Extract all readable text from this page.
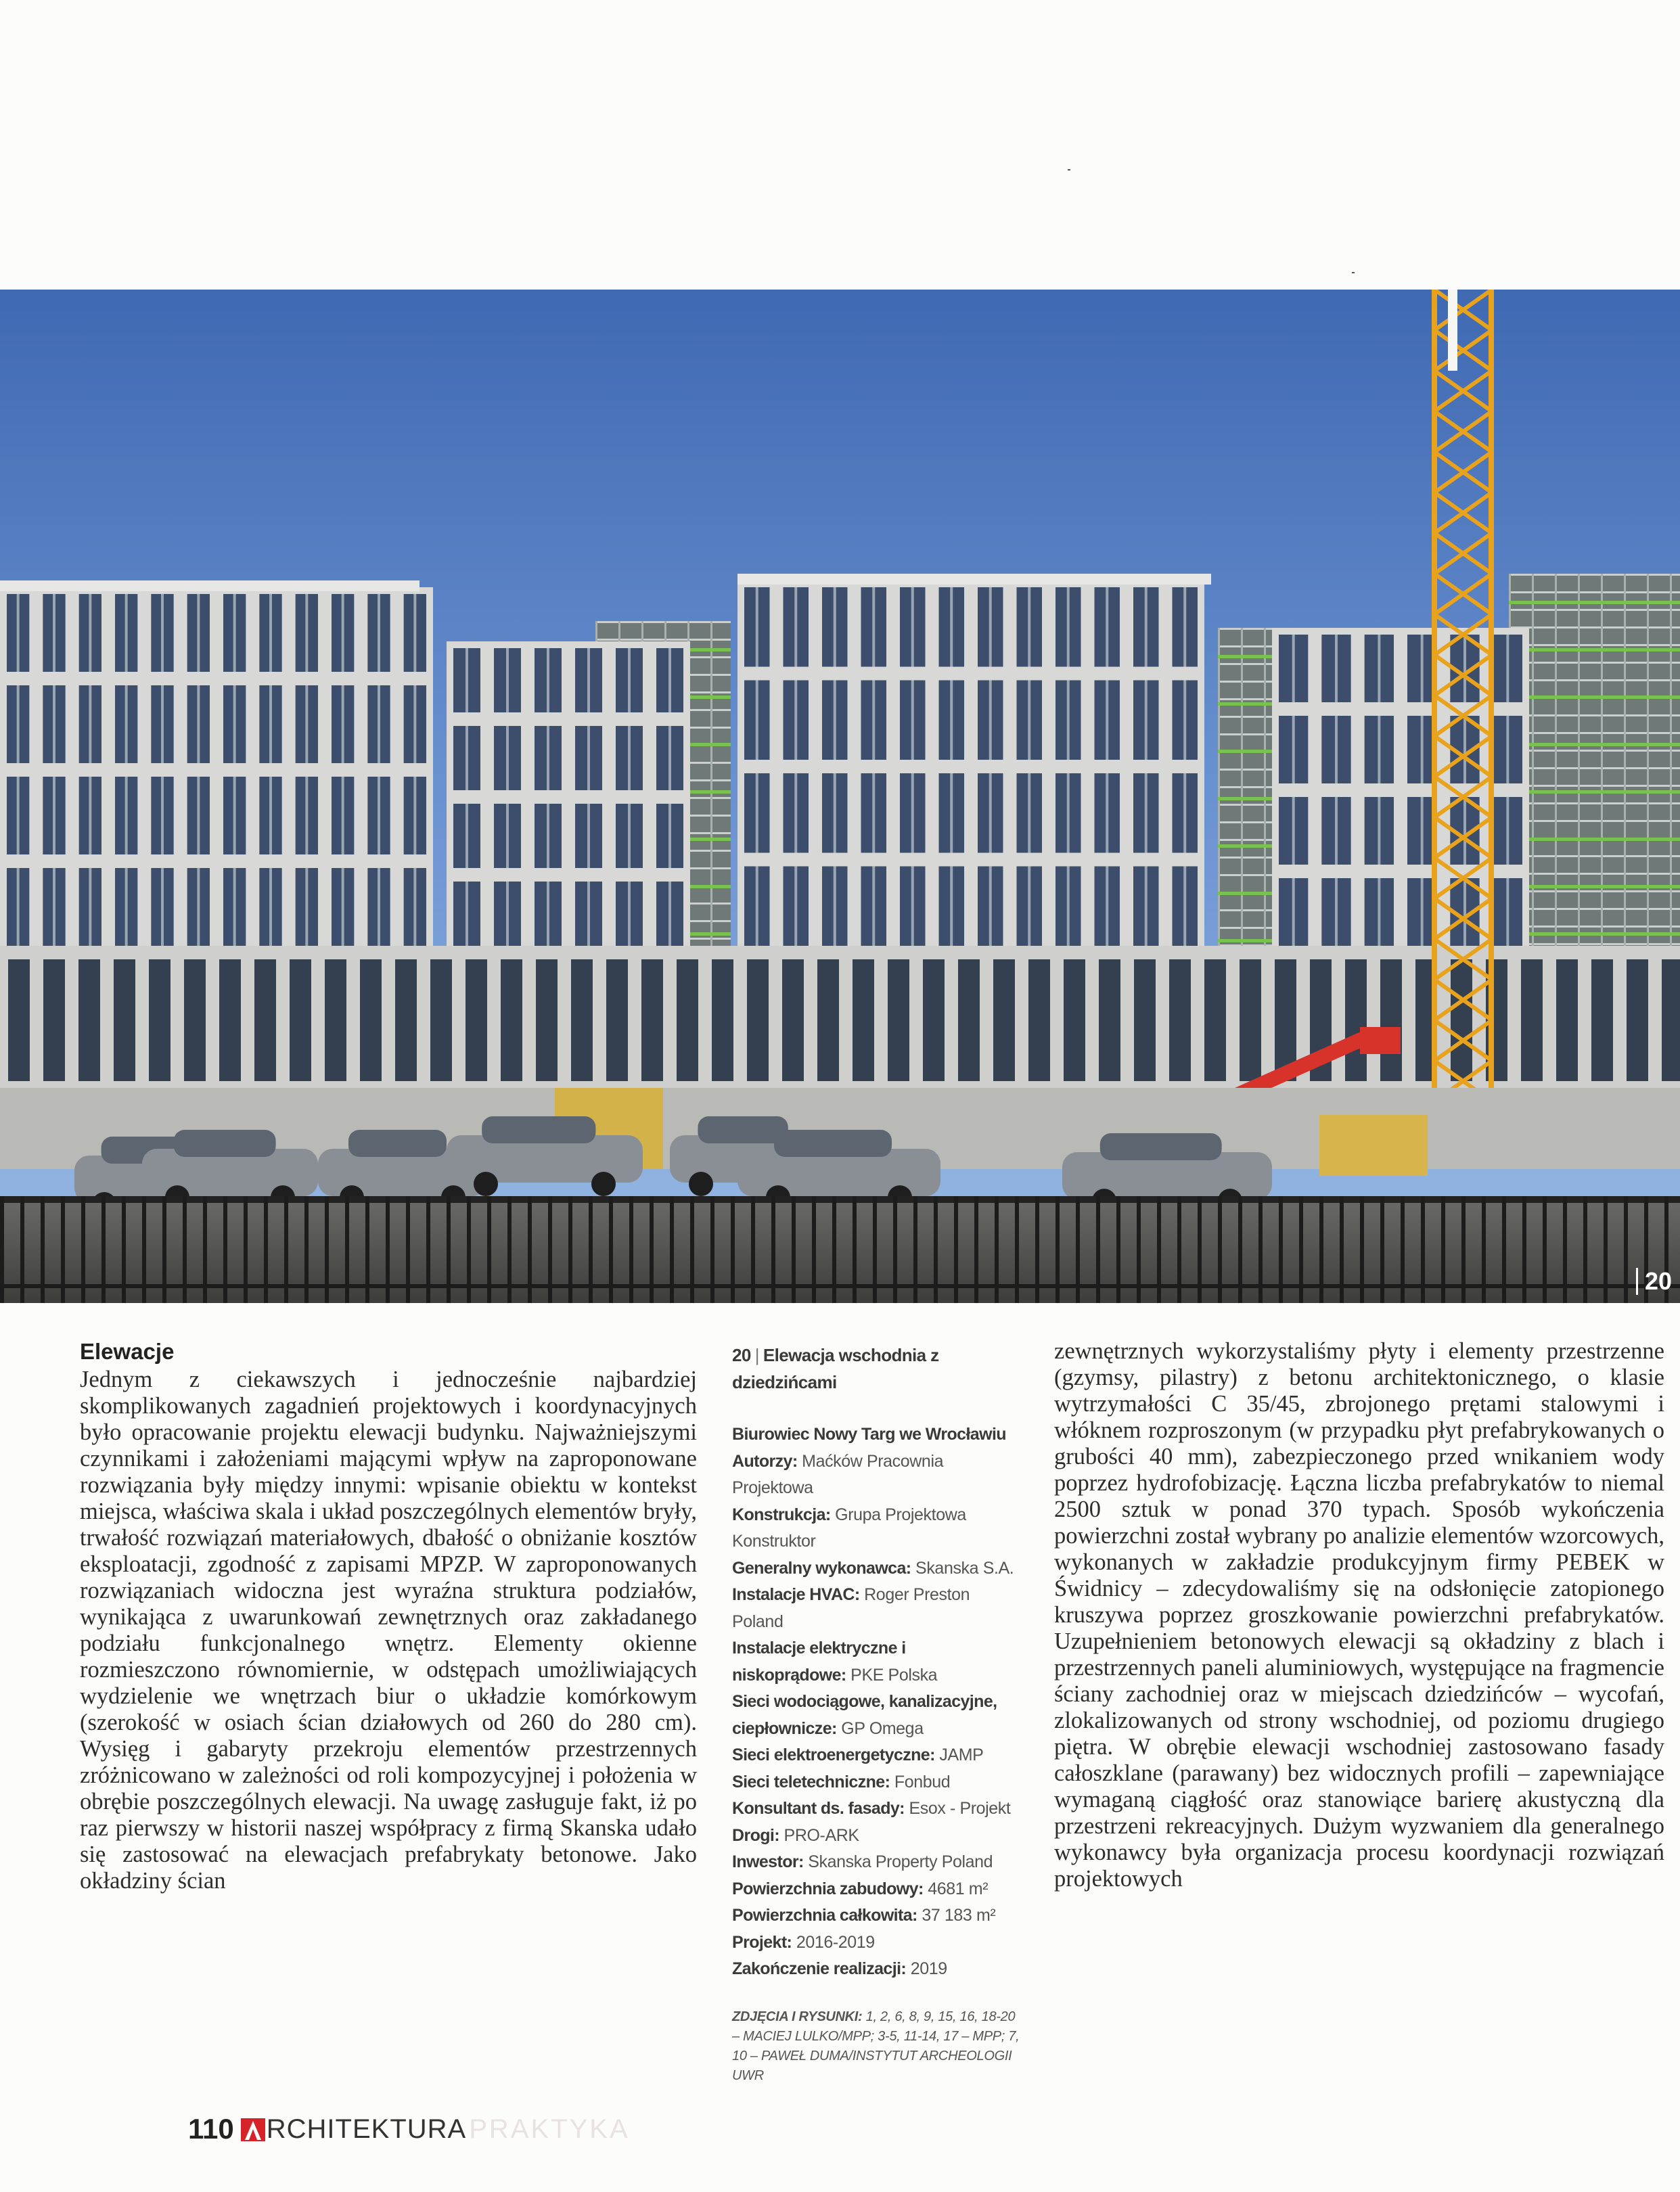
20
Elewacje

Jednym z ciekawszych i jednocześnie najbardziej skomplikowanych zagadnień projektowych i koordynacyjnych było opracowanie projektu elewacji budynku. Najważniejszymi czynnikami i założeniami mającymi wpływ na zaproponowane rozwiązania były między innymi: wpisanie obiektu w kontekst miejsca, właściwa skala i układ poszczególnych elementów bryły, trwałość rozwiązań materiałowych, dbałość o obniżanie kosztów eksploatacji, zgodność z zapisami MPZP. W zaproponowanych rozwiązaniach widoczna jest wyraźna struktura podziałów, wynikająca z uwarunkowań zewnętrznych oraz zakładanego podziału funkcjonalnego wnętrz. Elementy okienne rozmieszczono równomiernie, w odstępach umożliwiających wydzielenie we wnętrzach biur o układzie komórkowym (szerokość w osiach ścian działowych od 260 do 280 cm). Wysięg i gabaryty przekroju elementów przestrzennych zróżnicowano w zależności od roli kompozycyjnej i położenia w obrębie poszczególnych elewacji. Na uwagę zasługuje fakt, iż po raz pierwszy w historii naszej współpracy z firmą Skanska udało się zastosować na elewacjach prefabrykaty betonowe. Jako okładziny ścian

20 | Elewacja wschodnia z dziedzińcami
Biurowiec Nowy Targ we Wrocławiu

Autorzy: Maćków Pracownia Projektowa

Konstrukcja: Grupa Projektowa Konstruktor

Generalny wykonawca: Skanska S.A.

Instalacje HVAC: Roger Preston Poland

Instalacje elektryczne i niskoprądowe: PKE Polska

Sieci wodociągowe, kanalizacyjne, ciepłownicze: GP Omega

Sieci elektroenergetyczne: JAMP

Sieci teletechniczne: Fonbud

Konsultant ds. fasady: Esox - Projekt

Drogi: PRO-ARK

Inwestor: Skanska Property Poland

Powierzchnia zabudowy: 4681 m²

Powierzchnia całkowita: 37 183 m²

Projekt: 2016-2019

Zakończenie realizacji: 2019

ZDJĘCIA I RYSUNKI: 1, 2, 6, 8, 9, 15, 16, 18-20 – MACIEJ LULKO/MPP; 3-5, 11-14, 17 – MPP; 7, 10 – PAWEŁ DUMA/INSTYTUT ARCHEOLOGII UWR

zewnętrznych wykorzystaliśmy płyty i elementy przestrzenne (gzymsy, pilastry) z betonu architektonicznego, o klasie wytrzymałości C 35/45, zbrojonego prętami stalowymi i włóknem rozproszonym (w przypadku płyt prefabrykowanych o grubości 40 mm), zabezpieczonego przed wnikaniem wody poprzez hydrofobizację. Łączna liczba prefabrykatów to niemal 2500 sztuk w ponad 370 typach. Sposób wykończenia powierzchni został wybrany po analizie elementów wzorcowych, wykonanych w zakładzie produkcyjnym firmy PEBEK w Świdnicy – zdecydowaliśmy się na odsłonięcie zatopionego kruszywa poprzez groszkowanie powierzchni prefabrykatów. Uzupełnieniem betonowych elewacji są okładziny z blach i przestrzennych paneli aluminiowych, występujące na fragmencie ściany zachodniej oraz w miejscach dziedzińców – wycofań, zlokalizowanych od strony wschodniej, od poziomu drugiego piętra. W obrębie elewacji wschodniej zastosowano fasady całoszklane (parawany) bez widocznych profili – zapewniające wymaganą ciągłość oraz stanowiące barierę akustyczną dla przestrzeni rekreacyjnych. Dużym wyzwaniem dla generalnego wykonawcy była organizacja procesu koordynacji rozwiązań projektowych

110 RCHITEKTURA PRAKTYKA
